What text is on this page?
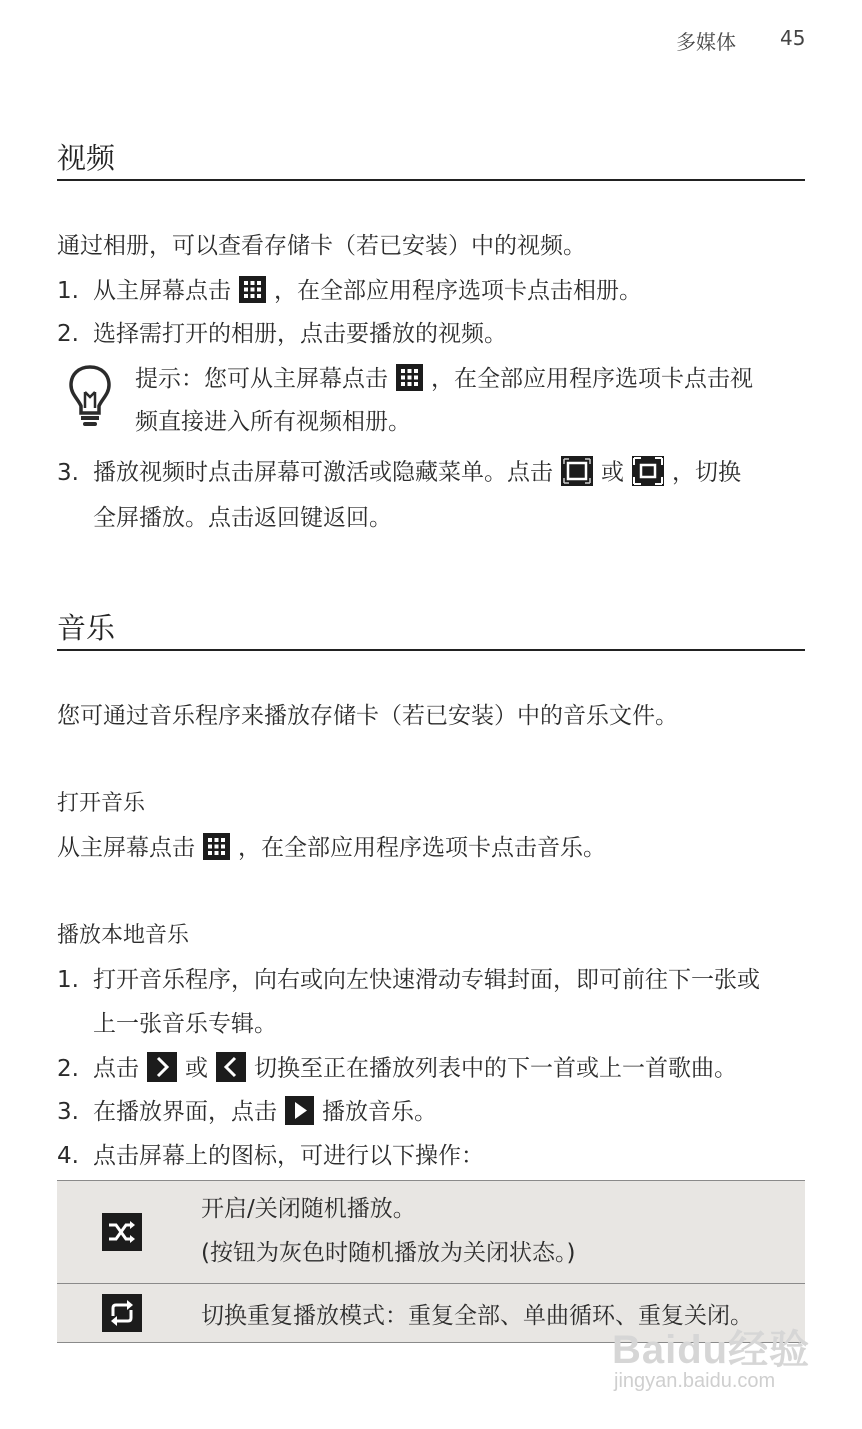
多媒体 45
视频
通过相册，可以查看存储卡（若已安装）中的视频。
1. 从主屏幕点击 ，在全部应用程序选项卡点击相册。
2. 选择需打开的相册，点击要播放的视频。
提示：您可从主屏幕点击 ，在全部应用程序选项卡点击视
频直接进入所有视频相册。
3. 播放视频时点击屏幕可激活或隐藏菜单。点击 或 ，切换
全屏播放。点击返回键返回。
音乐
您可通过音乐程序来播放存储卡（若已安装）中的音乐文件。
打开音乐
从主屏幕点击 ，在全部应用程序选项卡点击音乐。
播放本地音乐
1. 打开音乐程序，向右或向左快速滑动专辑封面，即可前往下一张或
上一张音乐专辑。
2. 点击 或 切换至正在播放列表中的下一首或上一首歌曲。
3. 在播放界面，点击 播放音乐。
4. 点击屏幕上的图标，可进行以下操作：

开启/关闭随机播放。
(按钮为灰色时随机播放为关闭状态。)

切换重复播放模式：重复全部、单曲循环、重复关闭。
Baidu经验
jingyan.baidu.com
